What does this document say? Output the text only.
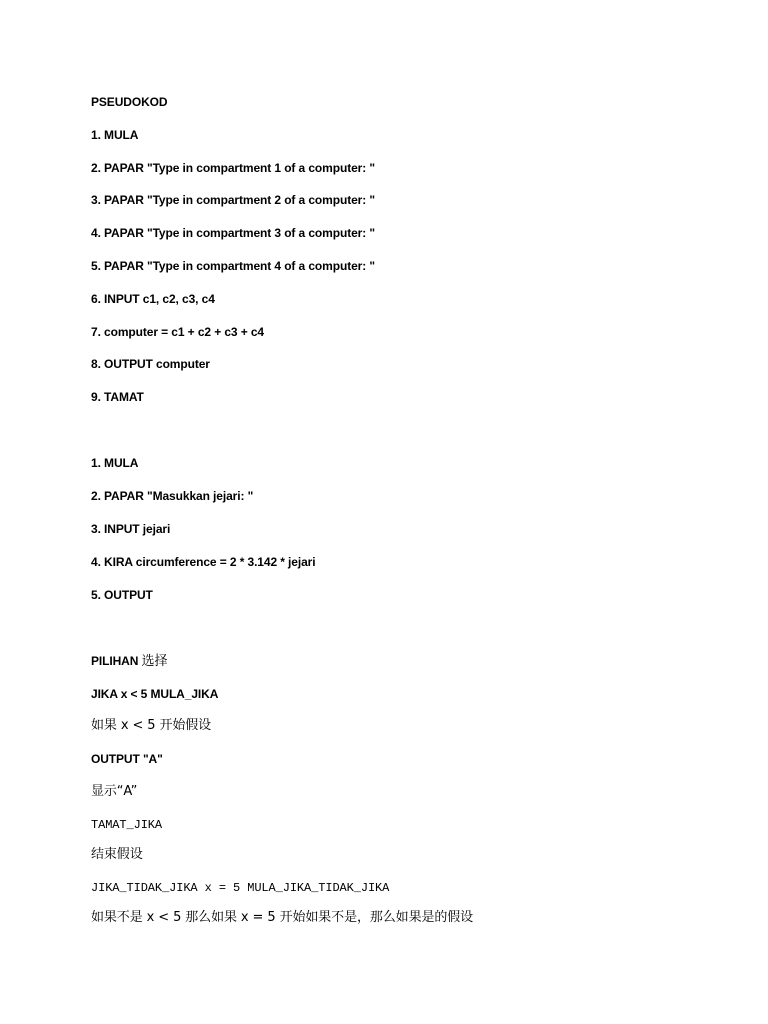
PSEUDOKOD
1. MULA
2. PAPAR "Type in compartment 1 of a computer: "
3. PAPAR "Type in compartment 2 of a computer: "
4. PAPAR "Type in compartment 3 of a computer: "
5. PAPAR "Type in compartment 4 of a computer: "
6. INPUT c1, c2, c3, c4
7. computer = c1 + c2 + c3 + c4
8. OUTPUT computer
9. TAMAT
1. MULA
2. PAPAR "Masukkan jejari: "
3. INPUT jejari
4. KIRA circumference = 2 * 3.142 * jejari
5. OUTPUT
PILIHAN 选择
JIKA x < 5 MULA_JIKA
如果 x < 5 开始假设
OUTPUT "A"
显示“A”
TAMAT_JIKA
结束假设
JIKA_TIDAK_JIKA x = 5 MULA_JIKA_TIDAK_JIKA
如果不是 x < 5 那么如果 x = 5 开始如果不是，那么如果是的假设
